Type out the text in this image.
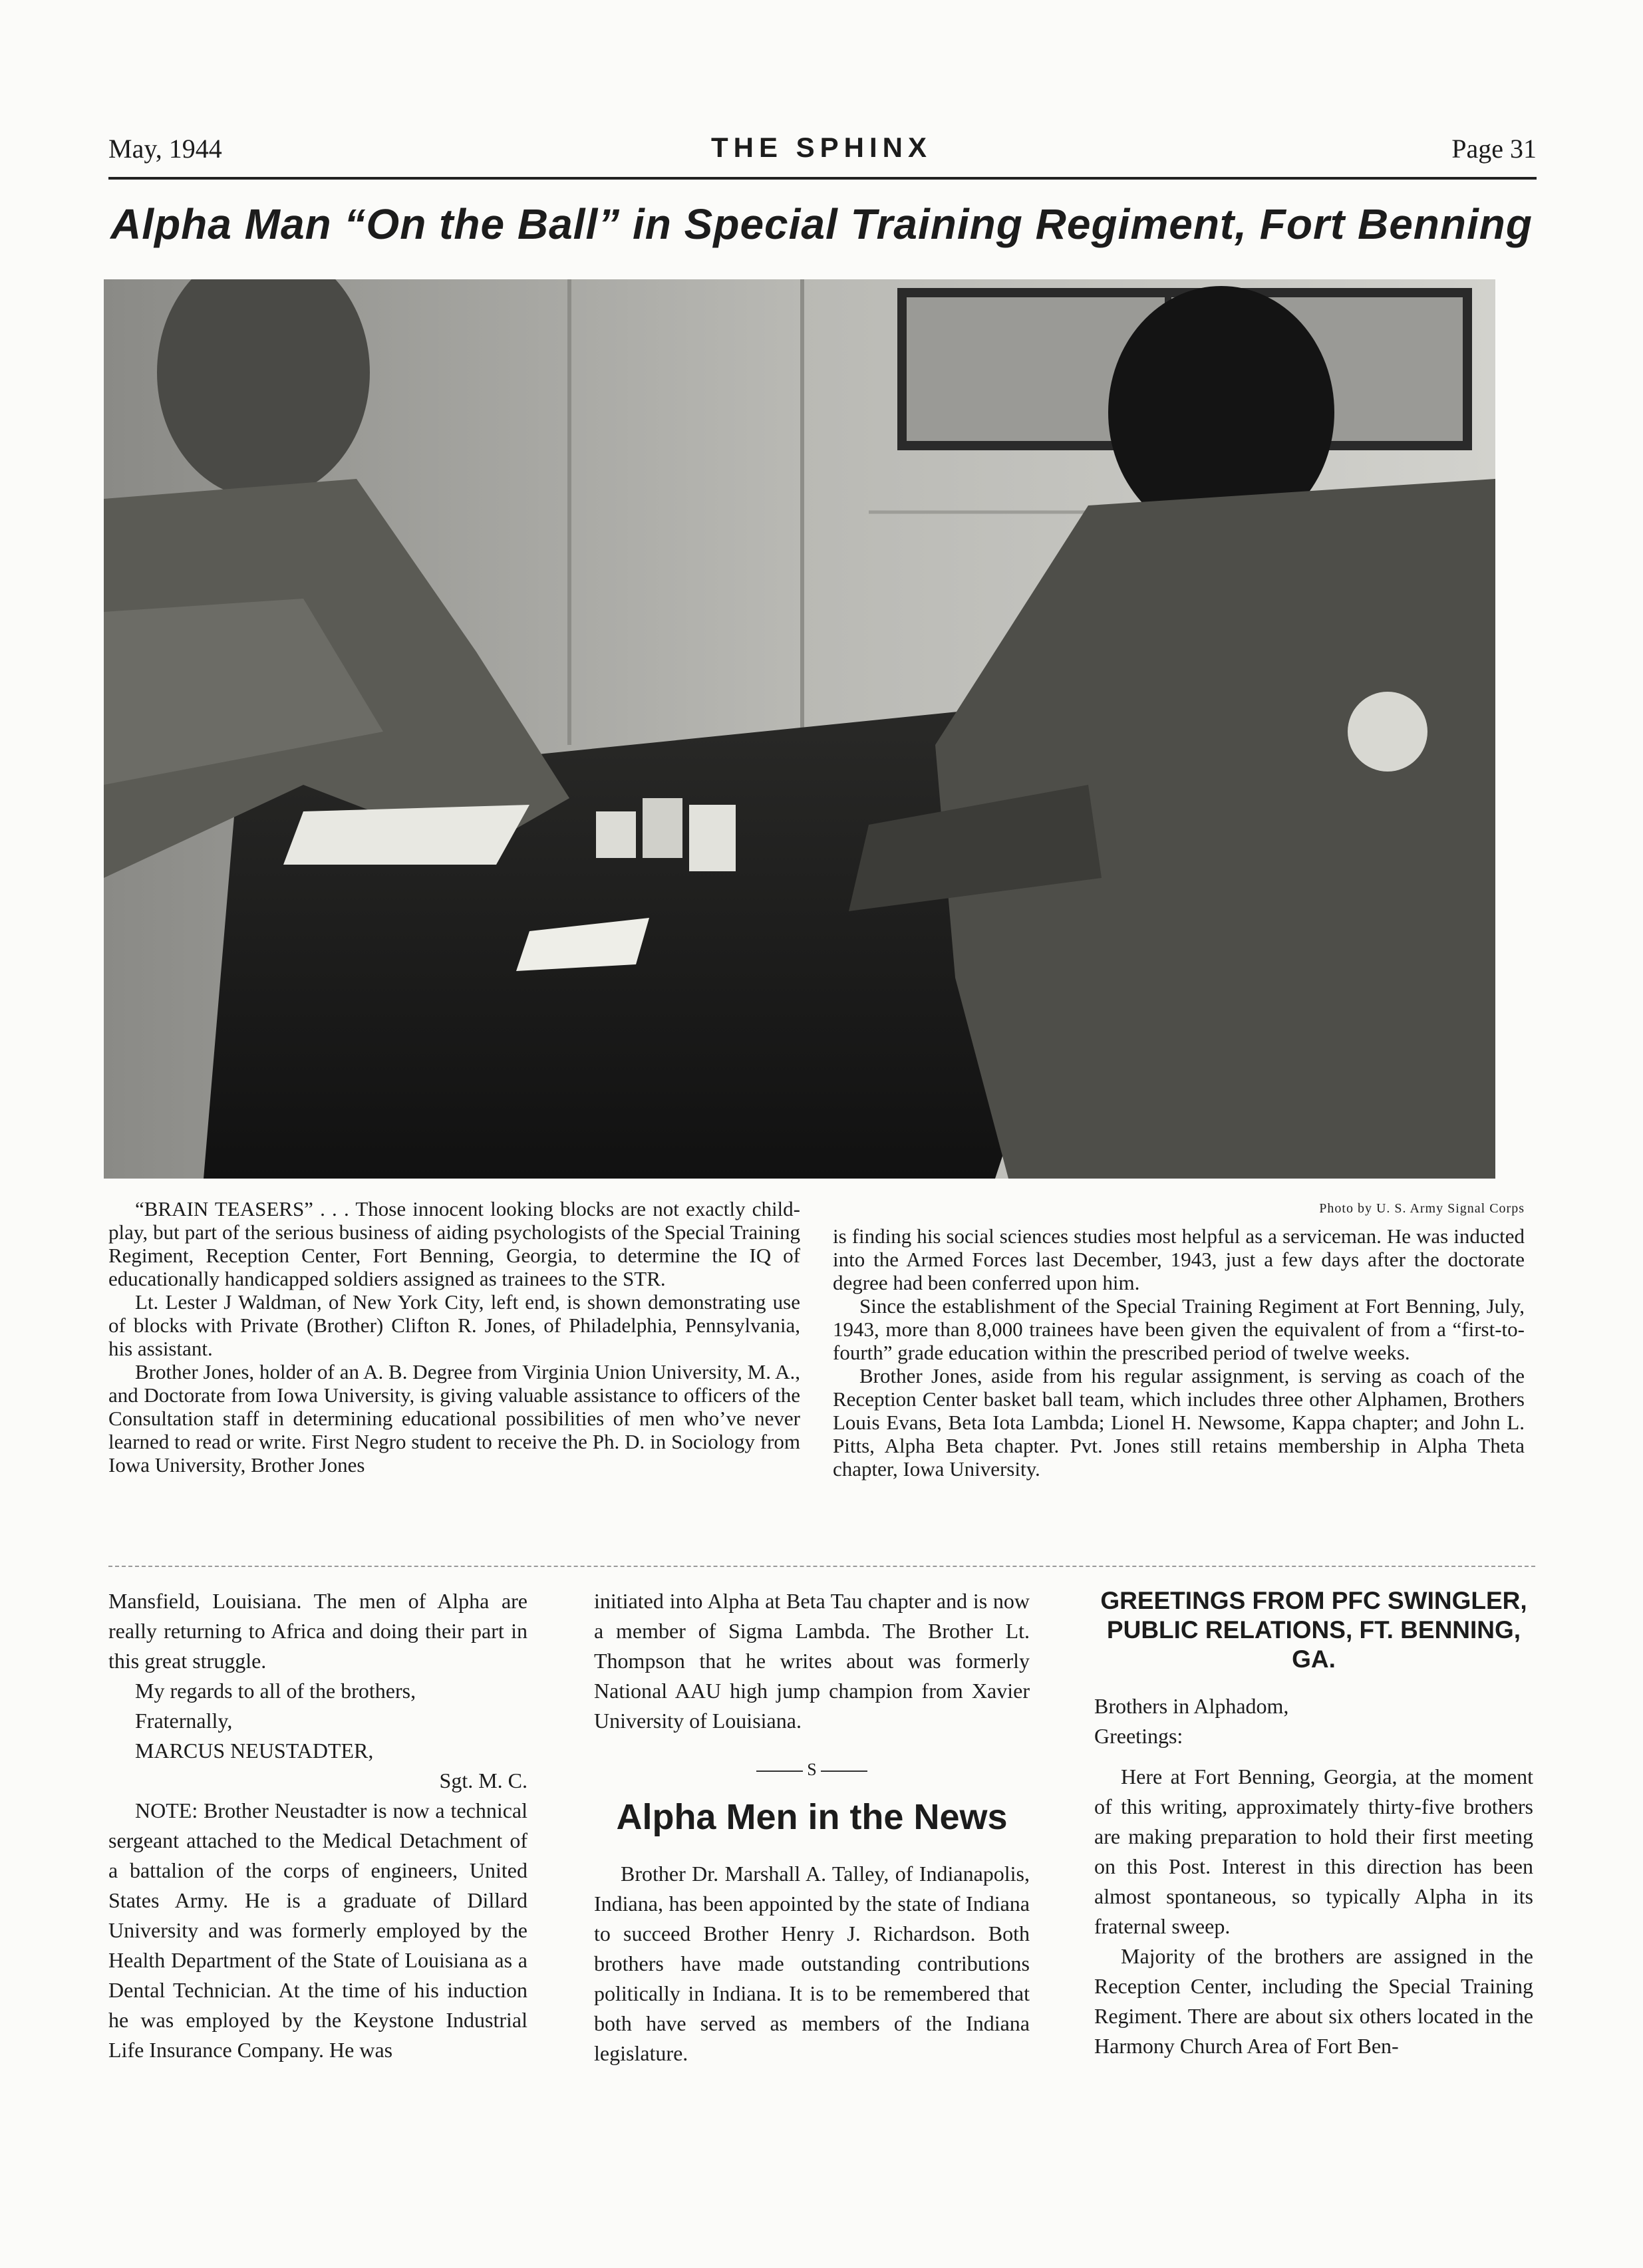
May, 1944	THE SPHINX	Page 31
Alpha Man “On the Ball” in Special Training Regiment, Fort Benning

“BRAIN TEASERS” . . . Those innocent looking blocks are not exactly child-play, but part of the serious business of aiding psychologists of the Special Training Regiment, Reception Center, Fort Benning, Georgia, to determine the IQ of educationally handicapped soldiers assigned as trainees to the STR.

Lt. Lester J Waldman, of New York City, left end, is shown demonstrating use of blocks with Private (Brother) Clifton R. Jones, of Philadelphia, Pennsylvania, his assistant.

Brother Jones, holder of an A. B. Degree from Virginia Union University, M. A., and Doctorate from Iowa University, is giving valuable assistance to officers of the Consultation staff in determining educational possibilities of men who’ve never learned to read or write. First Negro student to receive the Ph. D. in Sociology from Iowa University, Brother Jones

Photo by U. S. Army Signal Corps

is finding his social sciences studies most helpful as a serviceman. He was inducted into the Armed Forces last December, 1943, just a few days after the doctorate degree had been conferred upon him.

Since the establishment of the Special Training Regiment at Fort Benning, July, 1943, more than 8,000 trainees have been given the equivalent of from a “first-to-fourth” grade education within the prescribed period of twelve weeks.

Brother Jones, aside from his regular assignment, is serving as coach of the Reception Center basket ball team, which includes three other Alphamen, Brothers Louis Evans, Beta Iota Lambda; Lionel H. Newsome, Kappa chapter; and John L. Pitts, Alpha Beta chapter. Pvt. Jones still retains membership in Alpha Theta chapter, Iowa University.

Mansfield, Louisiana. The men of Alpha are really returning to Africa and doing their part in this great struggle.

My regards to all of the brothers,

Fraternally,

MARCUS NEUSTADTER,

Sgt. M. C.

NOTE: Brother Neustadter is now a technical sergeant attached to the Medical Detachment of a battalion of the corps of engineers, United States Army. He is a graduate of Dillard University and was formerly employed by the Health Department of the State of Louisiana as a Dental Technician. At the time of his induction he was employed by the Keystone Industrial Life Insurance Company. He was

initiated into Alpha at Beta Tau chapter and is now a member of Sigma Lambda. The Brother Lt. Thompson that he writes about was formerly National AAU high jump champion from Xavier University of Louisiana.

S
Alpha Men in the News

Brother Dr. Marshall A. Talley, of Indianapolis, Indiana, has been appointed by the state of Indiana to succeed Brother Henry J. Richardson. Both brothers have made outstanding contributions politically in Indiana. It is to be remembered that both have served as members of the Indiana legislature.

GREETINGS FROM PFC SWINGLER, PUBLIC RELATIONS, FT. BENNING, GA.

Brothers in Alphadom,

Greetings:

Here at Fort Benning, Georgia, at the moment of this writing, approximately thirty-five brothers are making preparation to hold their first meeting on this Post. Interest in this direction has been almost spontaneous, so typically Alpha in its fraternal sweep.

Majority of the brothers are assigned in the Reception Center, including the Special Training Regiment. There are about six others located in the Harmony Church Area of Fort Ben-
